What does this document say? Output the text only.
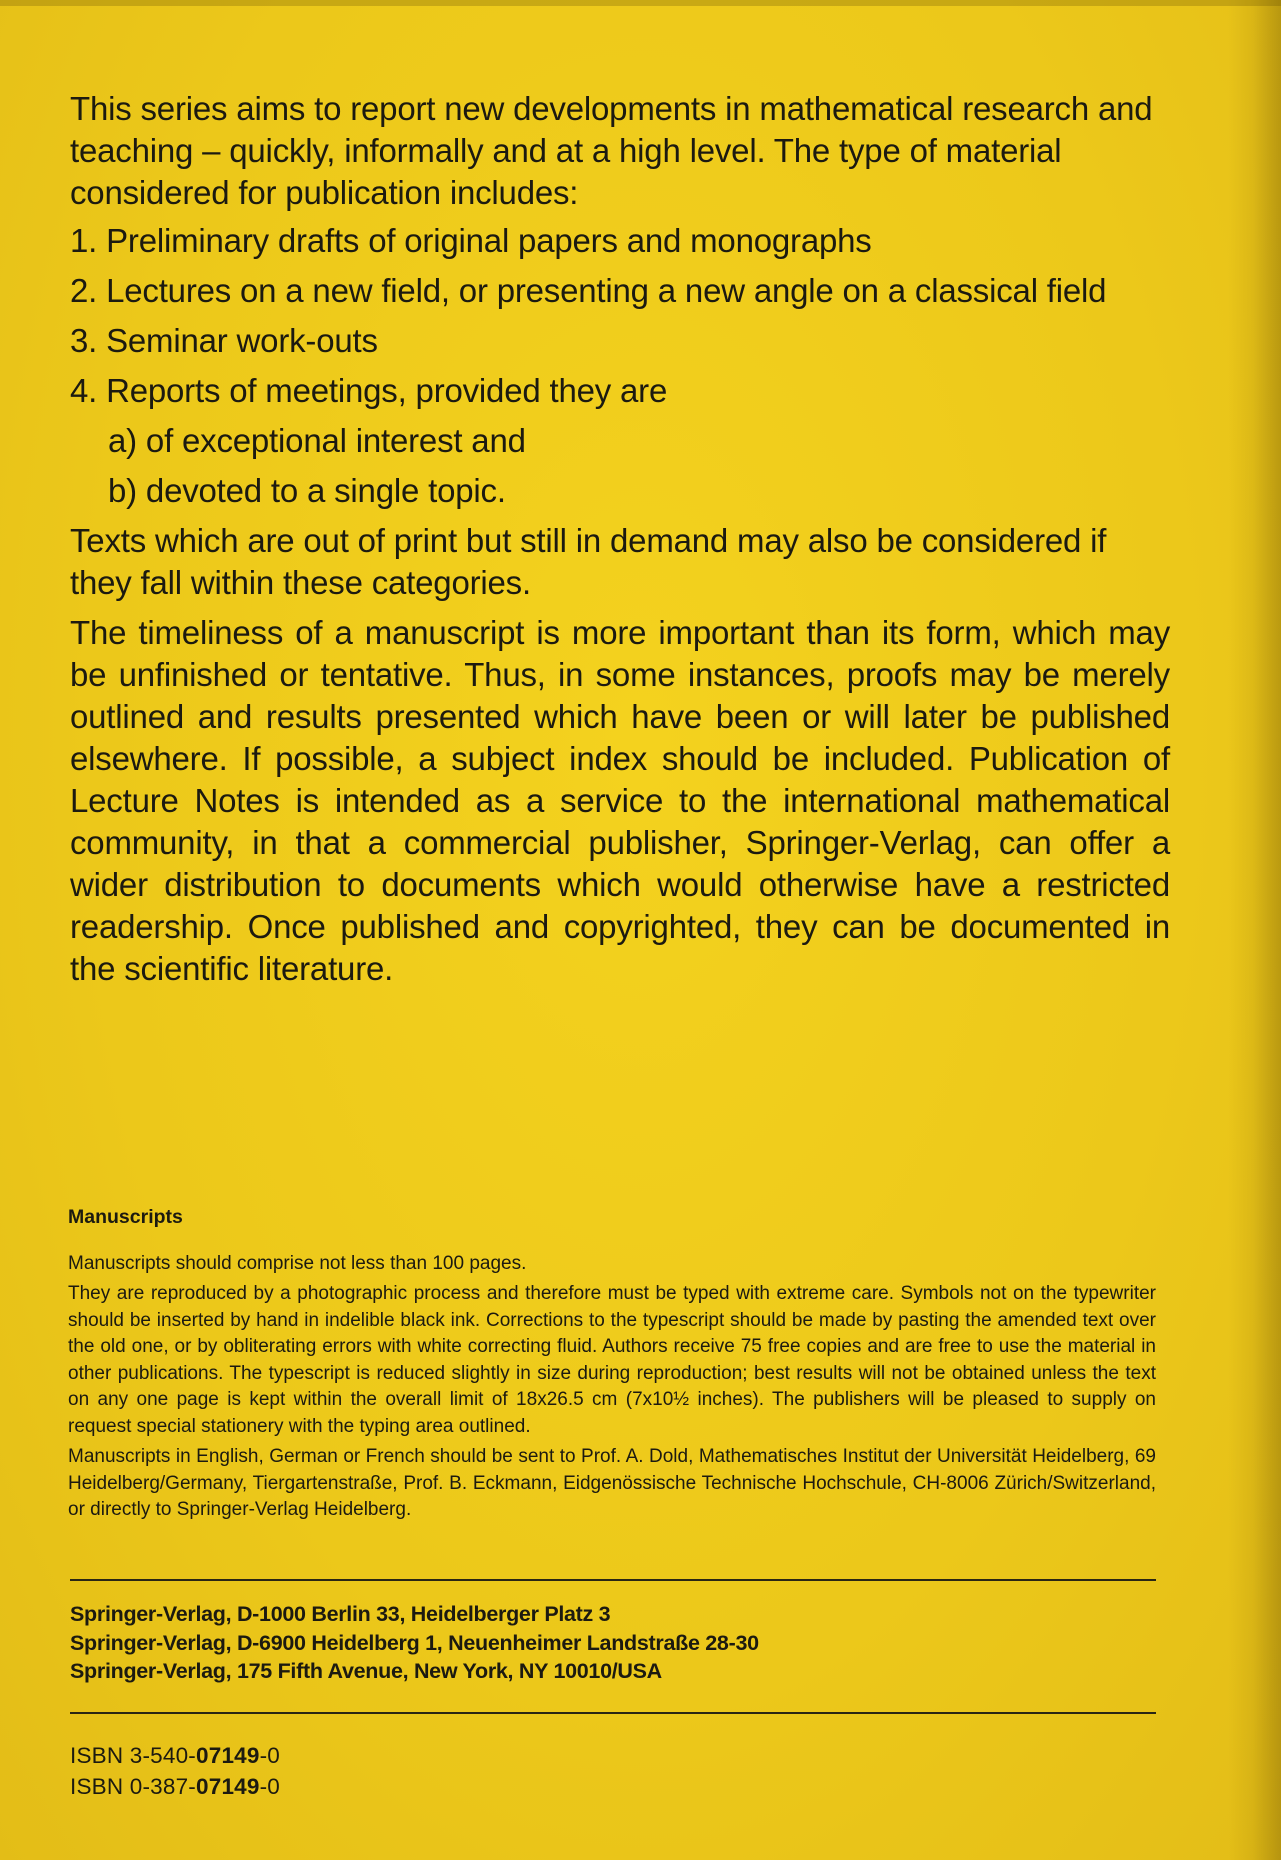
This series aims to report new developments in mathematical research and teaching – quickly, informally and at a high level. The type of material considered for publication includes:

1. Preliminary drafts of original papers and monographs
2. Lectures on a new field, or presenting a new angle on a classical field
3. Seminar work-outs
4. Reports of meetings, provided they are
a) of exceptional interest and
b) devoted to a single topic.

Texts which are out of print but still in demand may also be considered if they fall within these categories.

The timeliness of a manuscript is more important than its form, which may be unfinished or tentative. Thus, in some instances, proofs may be merely outlined and results presented which have been or will later be published elsewhere. If possible, a subject index should be included. Publication of Lecture Notes is intended as a service to the international mathematical community, in that a commercial publisher, Springer-Verlag, can offer a wider distribution to documents which would otherwise have a restricted readership. Once published and copyrighted, they can be documented in the scientific literature.

Manuscripts

Manuscripts should comprise not less than 100 pages.

They are reproduced by a photographic process and therefore must be typed with extreme care. Symbols not on the typewriter should be inserted by hand in indelible black ink. Corrections to the typescript should be made by pasting the amended text over the old one, or by obliterating errors with white correcting fluid. Authors receive 75 free copies and are free to use the material in other publications. The typescript is reduced slightly in size during reproduction; best results will not be obtained unless the text on any one page is kept within the overall limit of 18x26.5 cm (7x10½ inches). The publishers will be pleased to supply on request special stationery with the typing area outlined.

Manuscripts in English, German or French should be sent to Prof. A. Dold, Mathematisches Institut der Universität Heidelberg, 69 Heidelberg/Germany, Tiergartenstraße, Prof. B. Eckmann, Eidgenössische Technische Hochschule, CH-8006 Zürich/Switzerland, or directly to Springer-Verlag Heidelberg.

Springer-Verlag, D-1000 Berlin 33, Heidelberger Platz 3
Springer-Verlag, D-6900 Heidelberg 1, Neuenheimer Landstraße 28-30
Springer-Verlag, 175 Fifth Avenue, New York, NY 10010/USA
ISBN 3-540-07149-0
ISBN 0-387-07149-0
